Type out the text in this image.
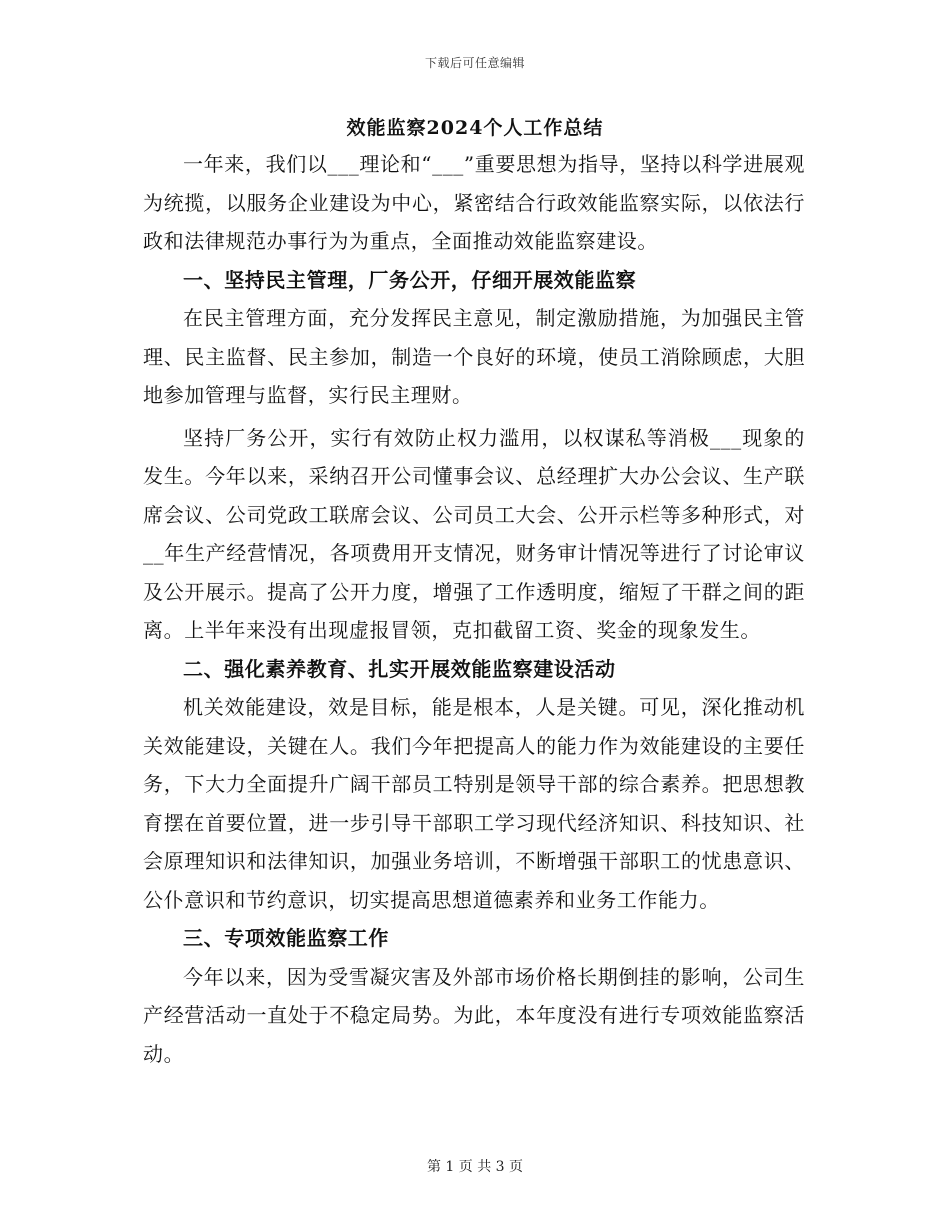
下载后可任意编辑
效能监察2024个人工作总结

一年来，我们以___理论和“___”重要思想为指导，坚持以科学进展观为统揽，以服务企业建设为中心，紧密结合行政效能监察实际，以依法行政和法律规范办事行为为重点，全面推动效能监察建设。

一、坚持民主管理，厂务公开，仔细开展效能监察

在民主管理方面，充分发挥民主意见，制定激励措施，为加强民主管理、民主监督、民主参加，制造一个良好的环境，使员工消除顾虑，大胆地参加管理与监督，实行民主理财。

坚持厂务公开，实行有效防止权力滥用，以权谋私等消极___现象的发生。今年以来，采纳召开公司懂事会议、总经理扩大办公会议、生产联席会议、公司党政工联席会议、公司员工大会、公开示栏等多种形式，对__年生产经营情况，各项费用开支情况，财务审计情况等进行了讨论审议及公开展示。提高了公开力度，增强了工作透明度，缩短了干群之间的距离。上半年来没有出现虚报冒领，克扣截留工资、奖金的现象发生。

二、强化素养教育、扎实开展效能监察建设活动

机关效能建设，效是目标，能是根本，人是关键。可见，深化推动机关效能建设，关键在人。我们今年把提高人的能力作为效能建设的主要任务，下大力全面提升广阔干部员工特别是领导干部的综合素养。把思想教育摆在首要位置，进一步引导干部职工学习现代经济知识、科技知识、社会原理知识和法律知识，加强业务培训，不断增强干部职工的忧患意识、公仆意识和节约意识，切实提高思想道德素养和业务工作能力。

三、专项效能监察工作

今年以来，因为受雪凝灾害及外部市场价格长期倒挂的影响，公司生产经营活动一直处于不稳定局势。为此，本年度没有进行专项效能监察活动。

第 1 页 共 3 页
